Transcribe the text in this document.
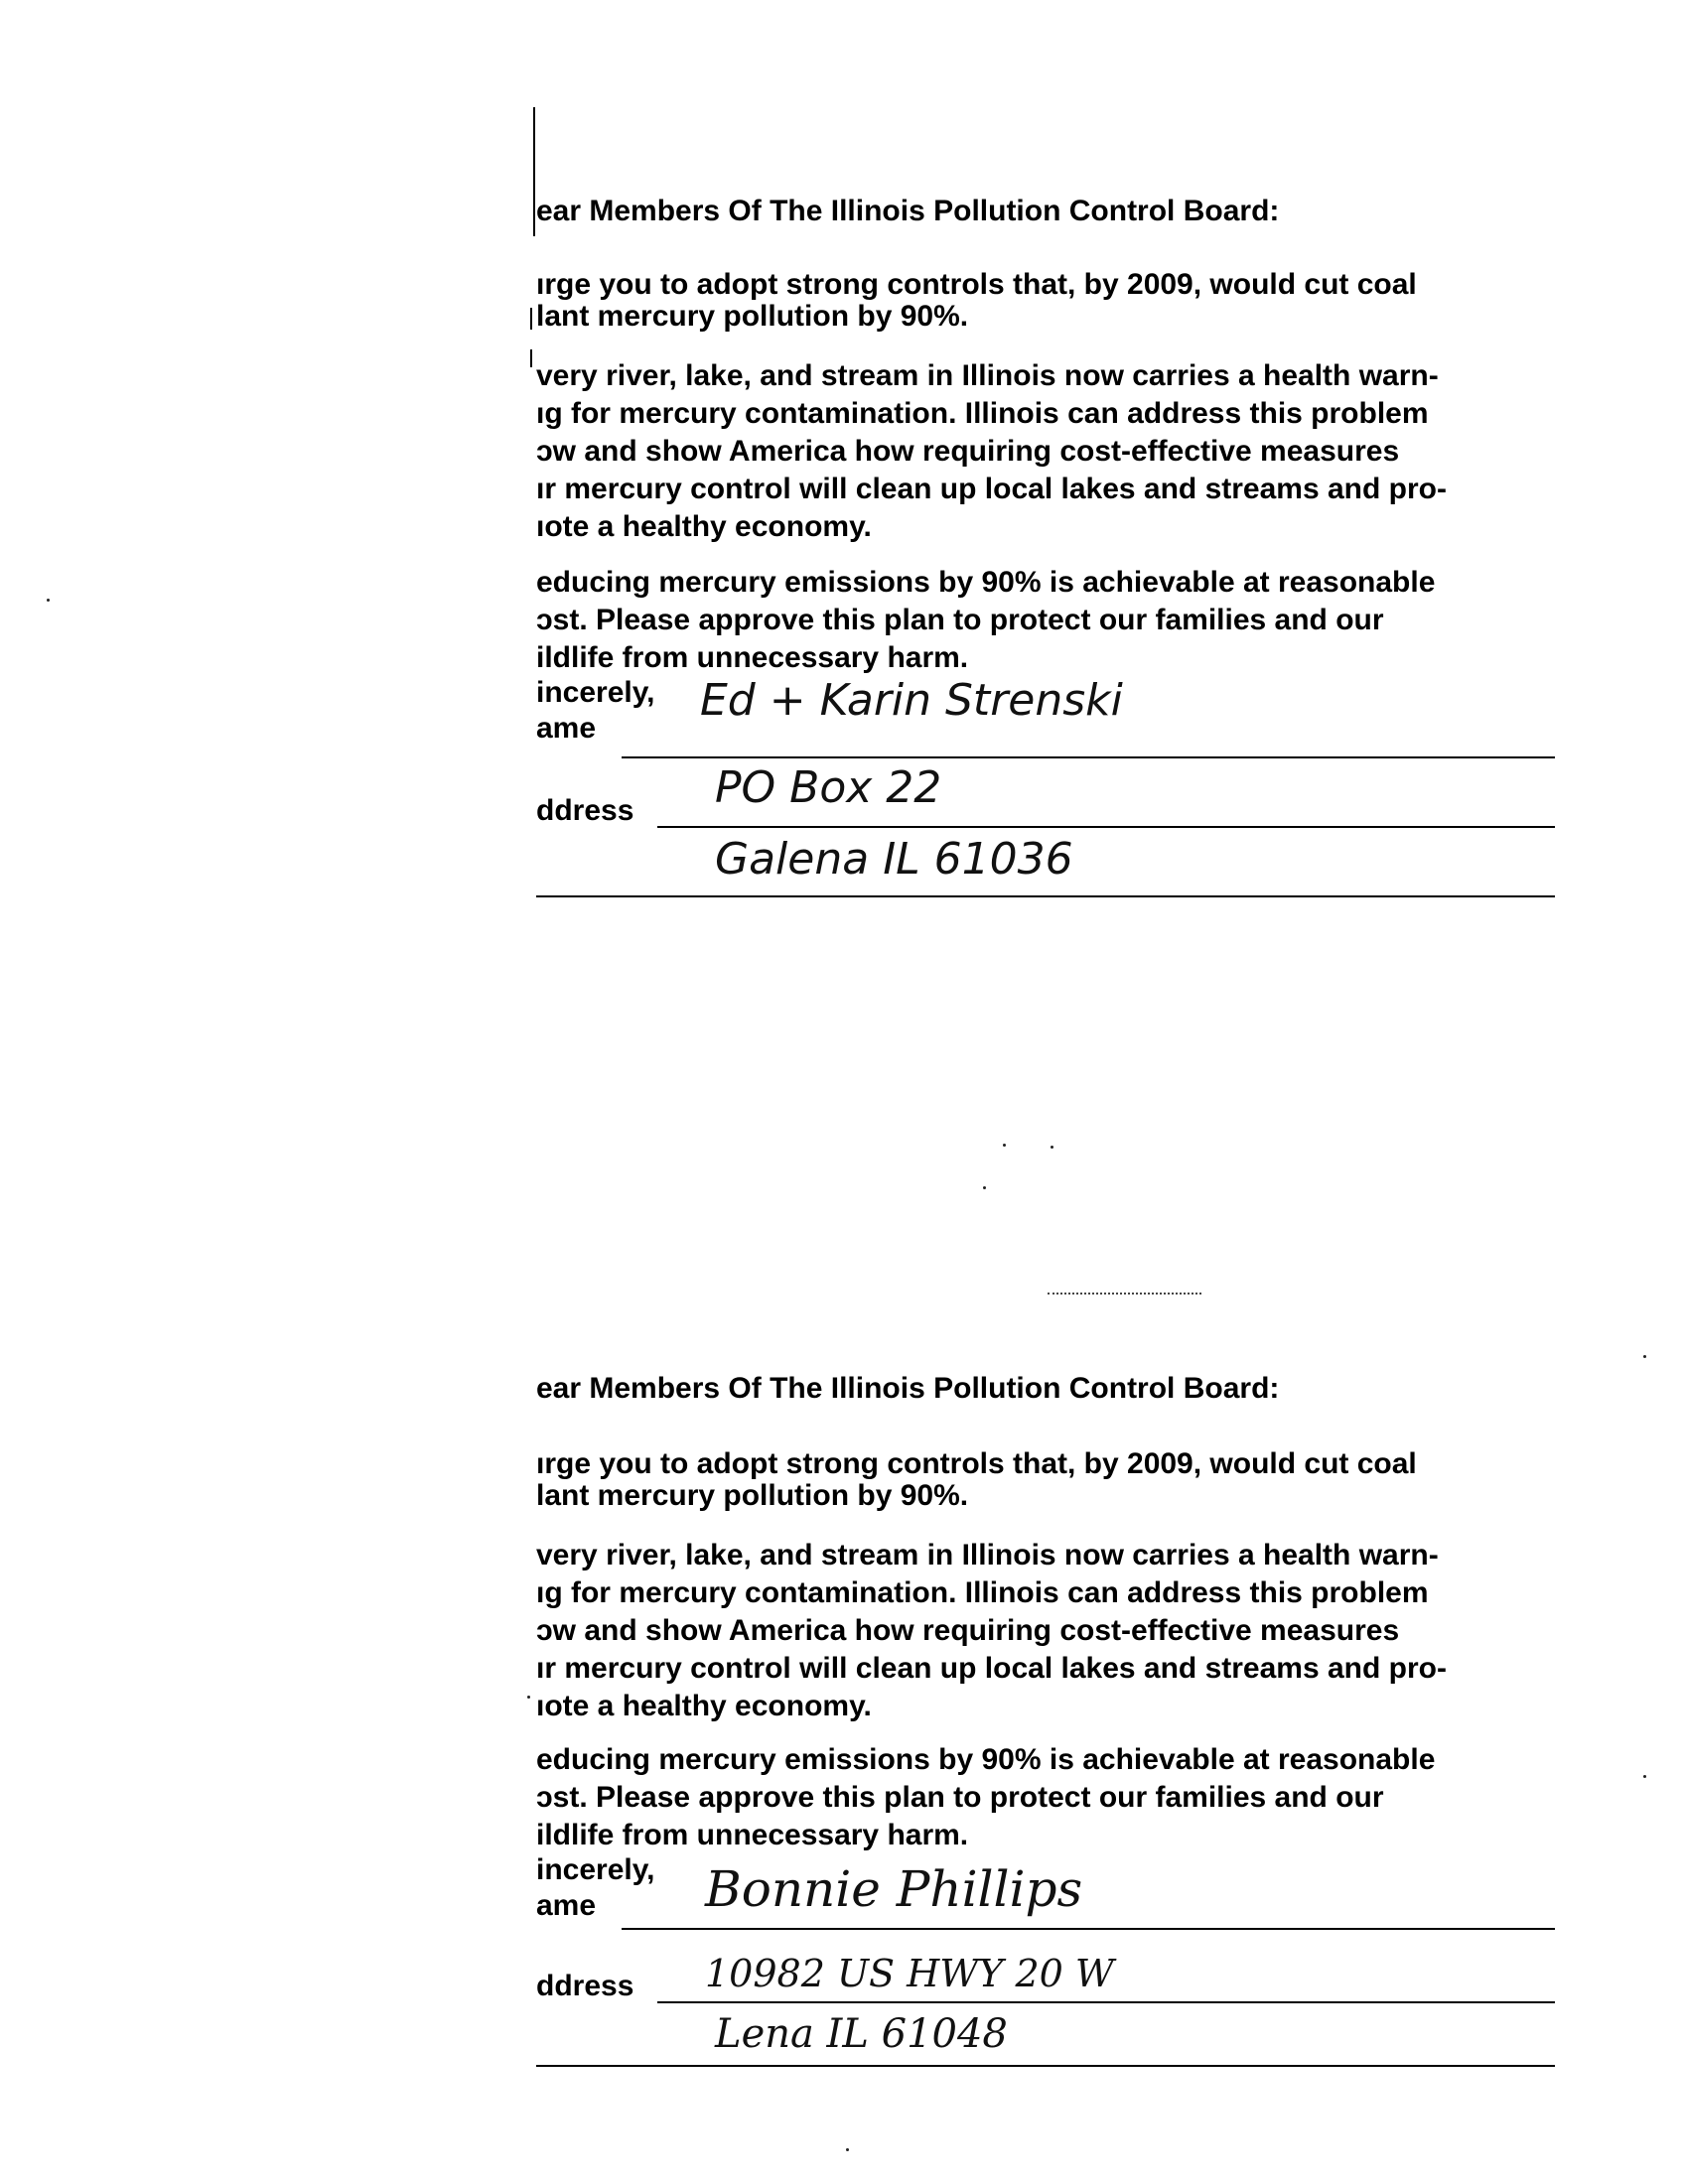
ear Members Of The Illinois Pollution Control Board:
ırge you to adopt strong controls that, by 2009, would cut coal
lant mercury pollution by 90%.
very river, lake, and stream in Illinois now carries a health warn-
ıg for mercury contamination. Illinois can address this problem
ɔw and show America how requiring cost-effective measures
ır mercury control will clean up local lakes and streams and pro-
ıote a healthy economy.
educing mercury emissions by 90% is achievable at reasonable
ɔst. Please approve this plan to protect our families and our
ildlife from unnecessary harm.
incerely,
ame
Ed + Karin Strenski
ddress PO Box 22
Galena IL 61036
ear Members Of The Illinois Pollution Control Board:
ırge you to adopt strong controls that, by 2009, would cut coal
lant mercury pollution by 90%.
very river, lake, and stream in Illinois now carries a health warn-
ıg for mercury contamination. Illinois can address this problem
ɔw and show America how requiring cost-effective measures
ır mercury control will clean up local lakes and streams and pro-
ıote a healthy economy.
educing mercury emissions by 90% is achievable at reasonable
ɔst. Please approve this plan to protect our families and our
ildlife from unnecessary harm.
incerely,
ame	Bonnie Phillips
ddress 10982 US HWY 20 W
Lena IL 61048
